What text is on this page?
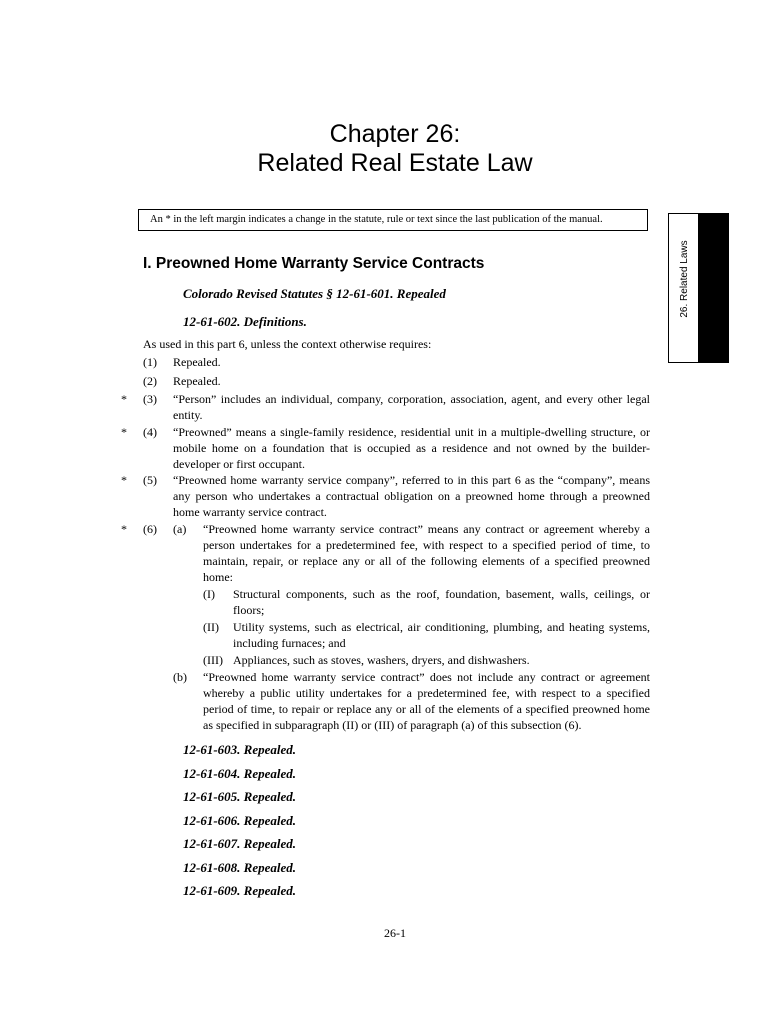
Chapter 26:
Related Real Estate Law
An * in the left margin indicates a change in the statute, rule or text since the last publication of the manual.
26. Related Laws
I. Preowned Home Warranty Service Contracts
Colorado Revised Statutes § 12-61-601. Repealed
12-61-602. Definitions.
As used in this part 6, unless the context otherwise requires:
(1) Repealed.
(2) Repealed.
* (3) “Person” includes an individual, company, corporation, association, agent, and every other legal entity.
* (4) “Preowned” means a single-family residence, residential unit in a multiple-dwelling structure, or mobile home on a foundation that is occupied as a residence and not owned by the builder-developer or first occupant.
* (5) “Preowned home warranty service company”, referred to in this part 6 as the “company”, means any person who undertakes a contractual obligation on a preowned home through a preowned home warranty service contract.
* (6) (a) “Preowned home warranty service contract” means any contract or agreement whereby a person undertakes for a predetermined fee, with respect to a specified period of time, to maintain, repair, or replace any or all of the following elements of a specified preowned home:
(I) Structural components, such as the roof, foundation, basement, walls, ceilings, or floors;
(II) Utility systems, such as electrical, air conditioning, plumbing, and heating systems, including furnaces; and
(III) Appliances, such as stoves, washers, dryers, and dishwashers.
(b) “Preowned home warranty service contract” does not include any contract or agreement whereby a public utility undertakes for a predetermined fee, with respect to a specified period of time, to repair or replace any or all of the elements of a specified preowned home as specified in subparagraph (II) or (III) of paragraph (a) of this subsection (6).
12-61-603. Repealed.
12-61-604. Repealed.
12-61-605. Repealed.
12-61-606. Repealed.
12-61-607. Repealed.
12-61-608. Repealed.
12-61-609. Repealed.
26-1
